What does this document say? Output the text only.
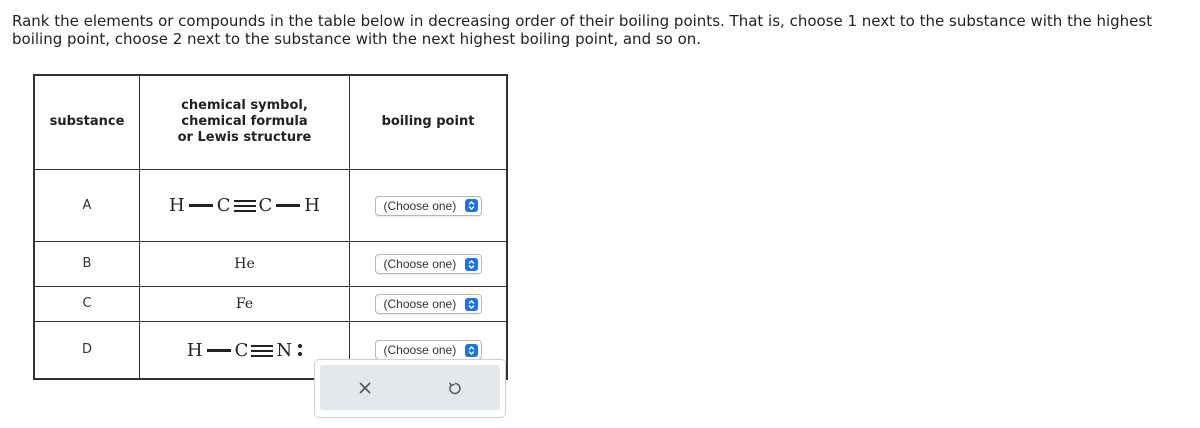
Rank the elements or compounds in the table below in decreasing order of their boiling points. That is, choose 1 next to the substance with the highest boiling point, choose 2 next to the substance with the next highest boiling point, and so on.
substance	chemical symbol,
chemical formula
or Lewis structure	boiling point
A	H C C H	(Choose one)

B	He	(Choose one)

C	Fe	(Choose one)

D	H C N	(Choose one)
